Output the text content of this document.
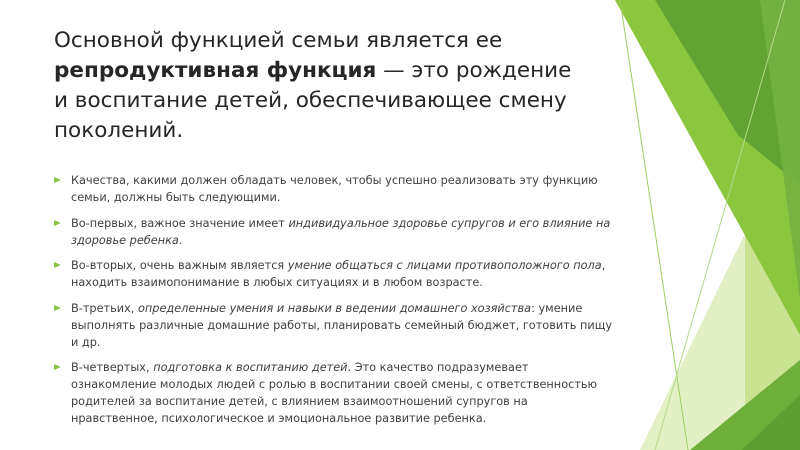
Основной функцией семьи является ее репродуктивная функция — это рождение и воспитание детей, обеспечивающее смену поколений.
Качества, какими должен обладать человек, чтобы успешно реализовать эту функцию семьи, должны быть следующими.
Во-первых, важное значение имеет индивидуальное здоровье супругов и его влияние на здоровье ребенка.
Во-вторых, очень важным является умение общаться с лицами противоположного пола, находить взаимопонимание в любых ситуациях и в любом возрасте.
В-третьих, определенные умения и навыки в ведении домашнего хозяйства: умение выполнять различные домашние работы, планировать семейный бюджет, готовить пищу и др.
В-четвертых, подготовка к воспитанию детей. Это качество подразумевает ознакомление молодых людей с ролью в воспитании своей смены, с ответственностью родителей за воспитание детей, с влиянием взаимоотношений супругов на нравственное, психологическое и эмоциональное развитие ребенка.
